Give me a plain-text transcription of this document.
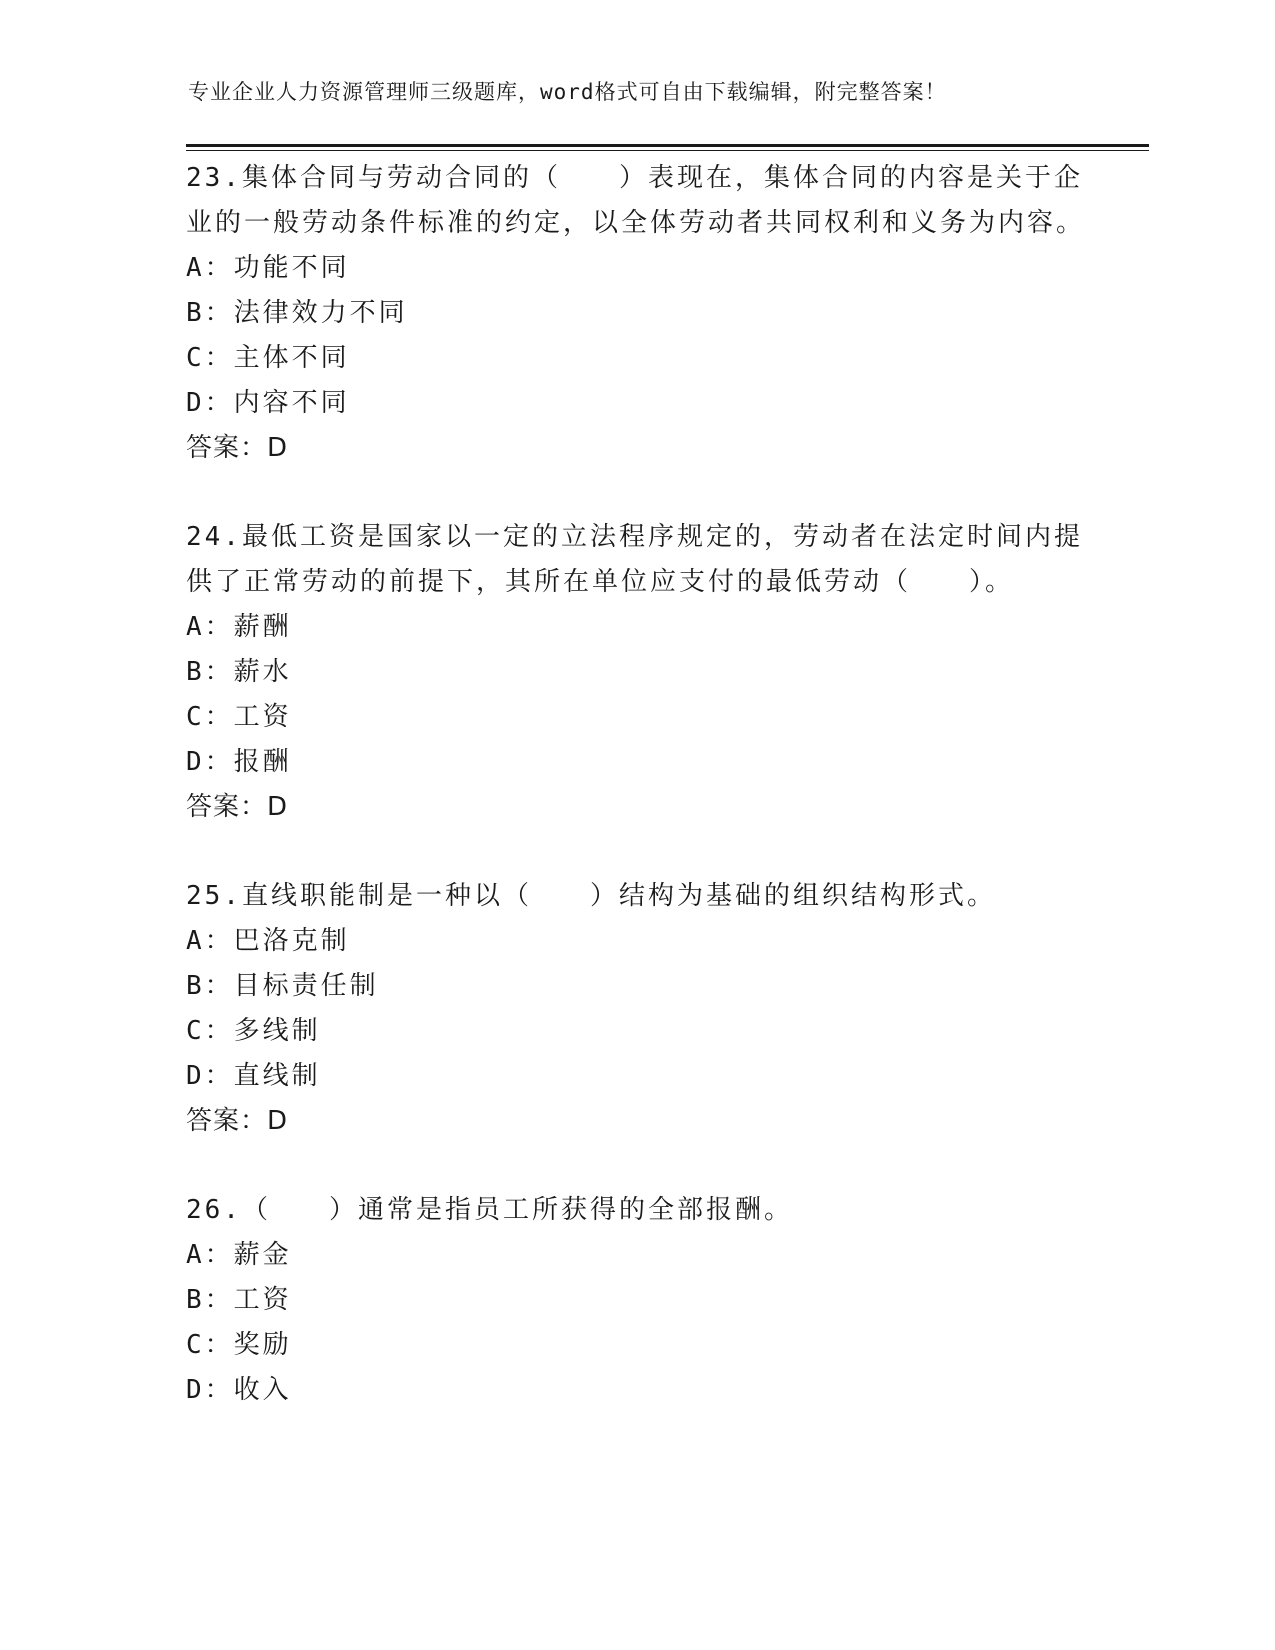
专业企业人力资源管理师三级题库，word格式可自由下载编辑，附完整答案！

23.集体合同与劳动合同的（　　）表现在，集体合同的内容是关于企业的一般劳动条件标准的约定，以全体劳动者共同权利和义务为内容。

A：功能不同

B：法律效力不同

C：主体不同

D：内容不同

答案：D

24.最低工资是国家以一定的立法程序规定的，劳动者在法定时间内提供了正常劳动的前提下，其所在单位应支付的最低劳动（　　）。

A：薪酬

B：薪水

C：工资

D：报酬

答案：D

25.直线职能制是一种以（　　）结构为基础的组织结构形式。

A：巴洛克制

B：目标责任制

C：多线制

D：直线制

答案：D

26.（　　）通常是指员工所获得的全部报酬。

A：薪金

B：工资

C：奖励

D：收入
